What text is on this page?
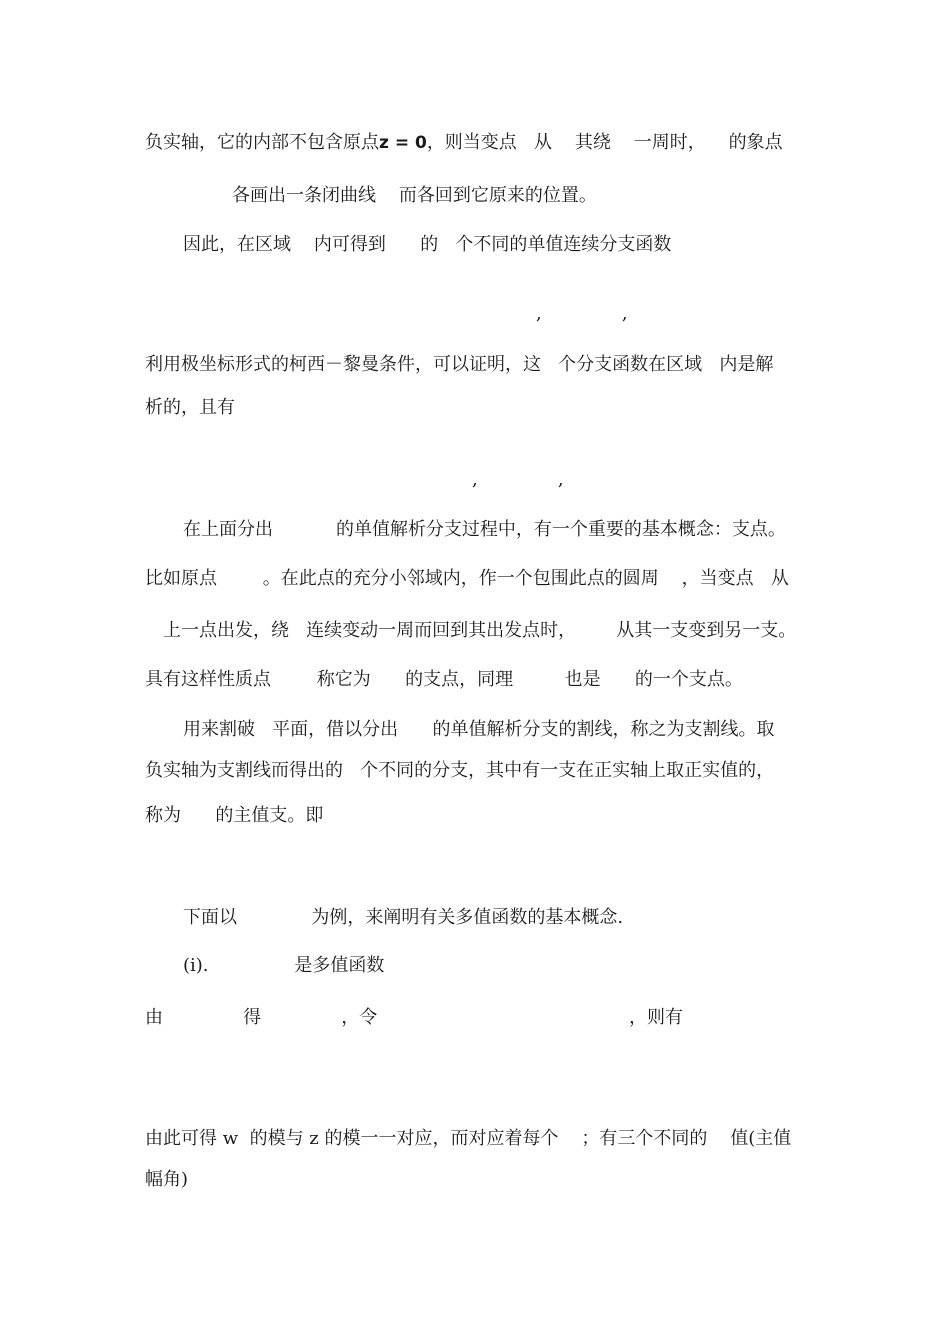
负实轴，它的内部不包含原点z = 0，则当变点   从    其绕    一周时，    的象点

各画出一条闭曲线    而各回到它原来的位置。

因此，在区域    内可得到      的   个不同的单值连续分支函数

,              ,

利用极坐标形式的柯西－黎曼条件，可以证明，这   个分支函数在区域   内是解

析的，且有

,              ,

在上面分出           的单值解析分支过程中，有一个重要的基本概念：支点。

比如原点        。在此点的充分小邻域内，作一个包围此点的圆周    ，当变点   从

上一点出发，绕   连续变动一周而回到其出发点时，       从其一支变到另一支。

具有这样性质点        称它为      的支点，同理         也是      的一个支点。

用来割破   平面，借以分出      的单值解析分支的割线，称之为支割线。取

负实轴为支割线而得出的   个不同的分支，其中有一支在正实轴上取正实值的，

称为      的主值支。即

下面以             为例，来阐明有关多值函数的基本概念.

(i).               是多值函数

由              得              ，令                                            ，则有

由此可得 w  的模与 z 的模一一对应，而对应着每个    ；有三个不同的    值(主值

幅角)
